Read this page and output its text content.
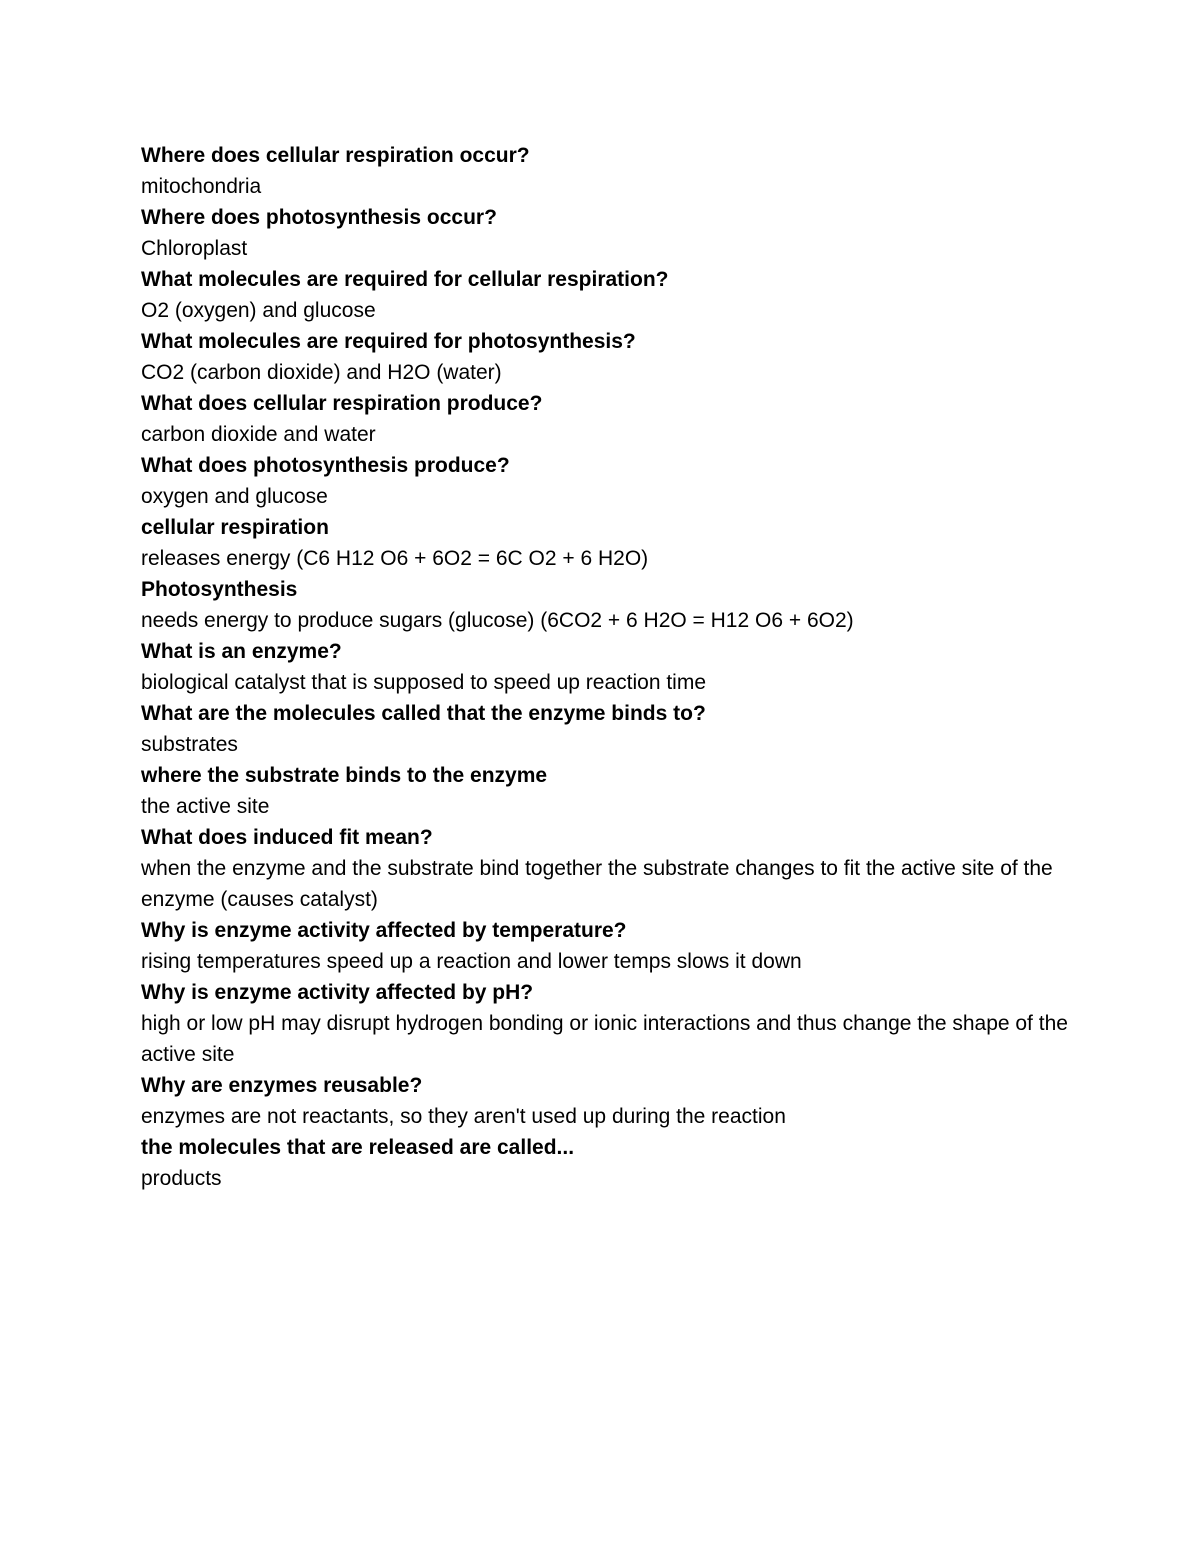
Where does cellular respiration occur?

mitochondria

Where does photosynthesis occur?

Chloroplast

What molecules are required for cellular respiration?

O2 (oxygen) and glucose

What molecules are required for photosynthesis?

CO2 (carbon dioxide) and H2O (water)

What does cellular respiration produce?

carbon dioxide and water

What does photosynthesis produce?

oxygen and glucose

cellular respiration

releases energy (C6 H12 O6 + 6O2 = 6C O2 + 6 H2O)

Photosynthesis

needs energy to produce sugars (glucose) (6CO2 + 6 H2O = H12 O6 + 6O2)

What is an enzyme?

biological catalyst that is supposed to speed up reaction time

What are the molecules called that the enzyme binds to?

substrates

where the substrate binds to the enzyme

the active site

What does induced fit mean?

when the enzyme and the substrate bind together the substrate changes to fit the active site of the enzyme (causes catalyst)

Why is enzyme activity affected by temperature?

rising temperatures speed up a reaction and lower temps slows it down

Why is enzyme activity affected by pH?

high or low pH may disrupt hydrogen bonding or ionic interactions and thus change the shape of the active site

Why are enzymes reusable?

enzymes are not reactants, so they aren't used up during the reaction

the molecules that are released are called...

products
